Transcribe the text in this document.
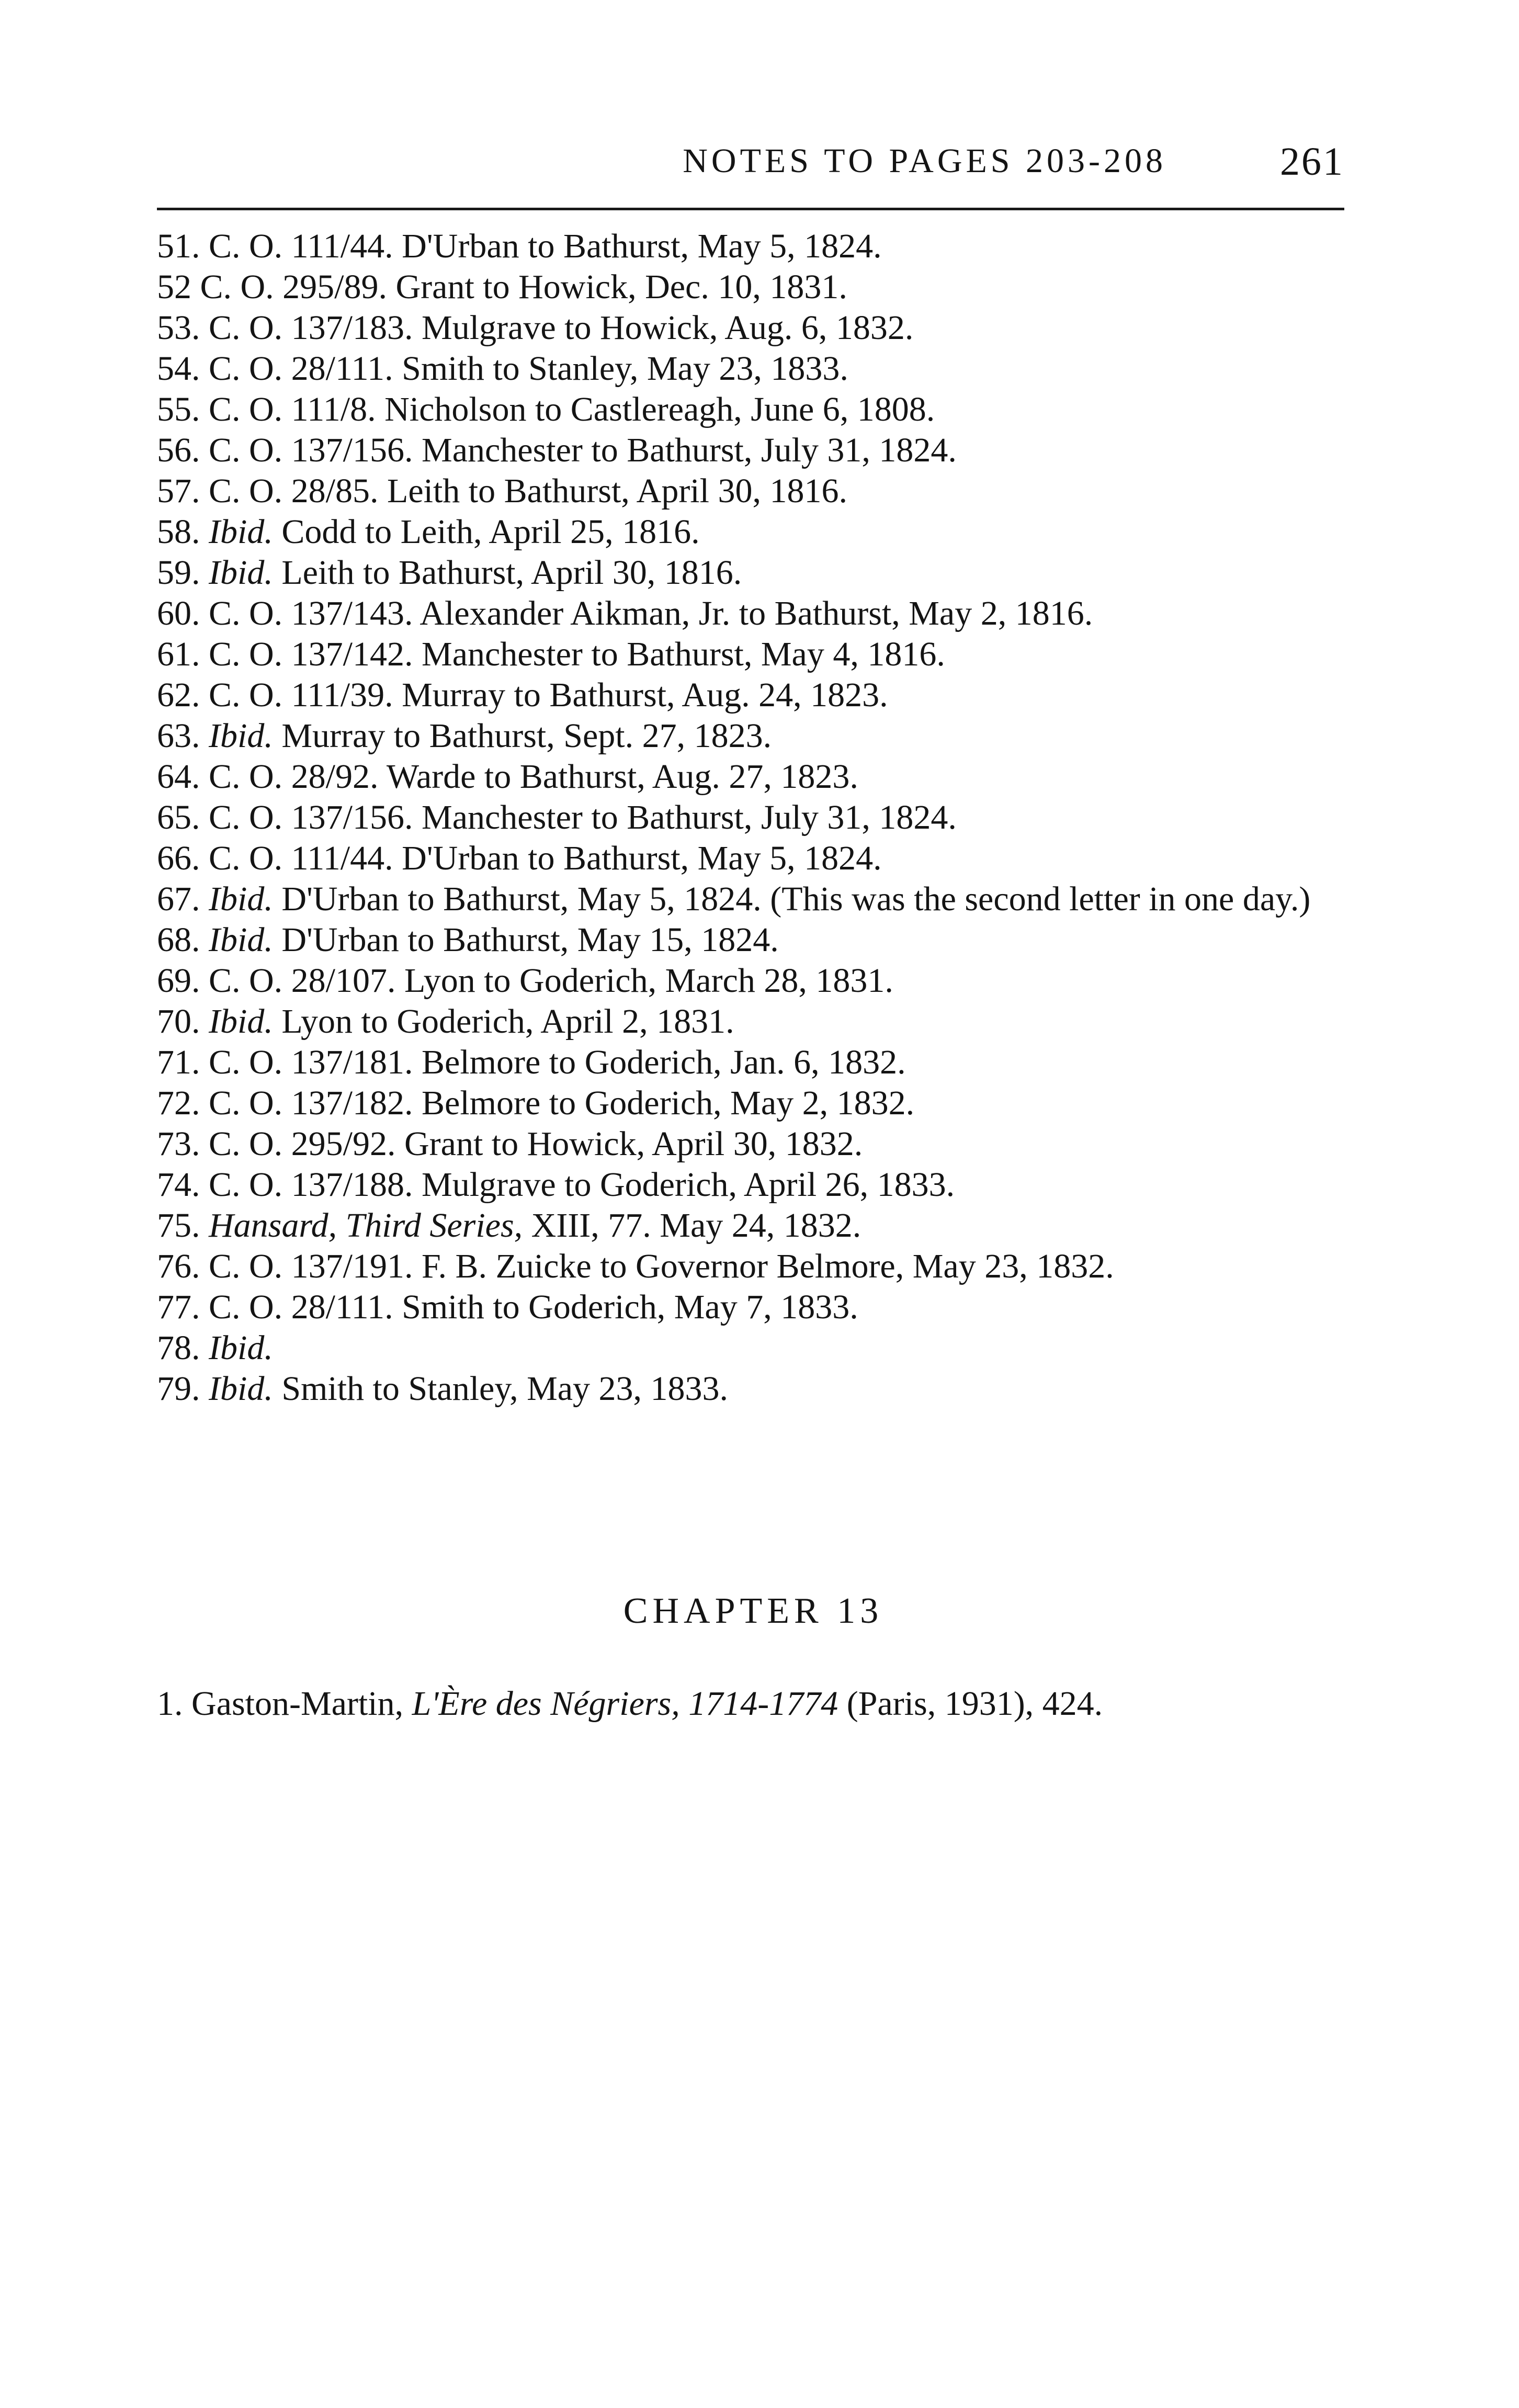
NOTES TO PAGES 203-208	261
51. C. O. 111/44. D'Urban to Bathurst, May 5, 1824.
52 C. O. 295/89. Grant to Howick, Dec. 10, 1831.
53. C. O. 137/183. Mulgrave to Howick, Aug. 6, 1832.
54. C. O. 28/111. Smith to Stanley, May 23, 1833.
55. C. O. 111/8. Nicholson to Castlereagh, June 6, 1808.
56. C. O. 137/156. Manchester to Bathurst, July 31, 1824.
57. C. O. 28/85. Leith to Bathurst, April 30, 1816.
58. Ibid. Codd to Leith, April 25, 1816.
59. Ibid. Leith to Bathurst, April 30, 1816.
60. C. O. 137/143. Alexander Aikman, Jr. to Bathurst, May 2, 1816.
61. C. O. 137/142. Manchester to Bathurst, May 4, 1816.
62. C. O. 111/39. Murray to Bathurst, Aug. 24, 1823.
63. Ibid. Murray to Bathurst, Sept. 27, 1823.
64. C. O. 28/92. Warde to Bathurst, Aug. 27, 1823.
65. C. O. 137/156. Manchester to Bathurst, July 31, 1824.
66. C. O. 111/44. D'Urban to Bathurst, May 5, 1824.
67. Ibid. D'Urban to Bathurst, May 5, 1824. (This was the second letter in one day.)
68. Ibid. D'Urban to Bathurst, May 15, 1824.
69. C. O. 28/107. Lyon to Goderich, March 28, 1831.
70. Ibid. Lyon to Goderich, April 2, 1831.
71. C. O. 137/181. Belmore to Goderich, Jan. 6, 1832.
72. C. O. 137/182. Belmore to Goderich, May 2, 1832.
73. C. O. 295/92. Grant to Howick, April 30, 1832.
74. C. O. 137/188. Mulgrave to Goderich, April 26, 1833.
75. Hansard, Third Series, XIII, 77. May 24, 1832.
76. C. O. 137/191. F. B. Zuicke to Governor Belmore, May 23, 1832.
77. C. O. 28/111. Smith to Goderich, May 7, 1833.
78. Ibid.
79. Ibid. Smith to Stanley, May 23, 1833.
CHAPTER 13
1. Gaston-Martin, L'Ère des Négriers, 1714-1774 (Paris, 1931), 424.
